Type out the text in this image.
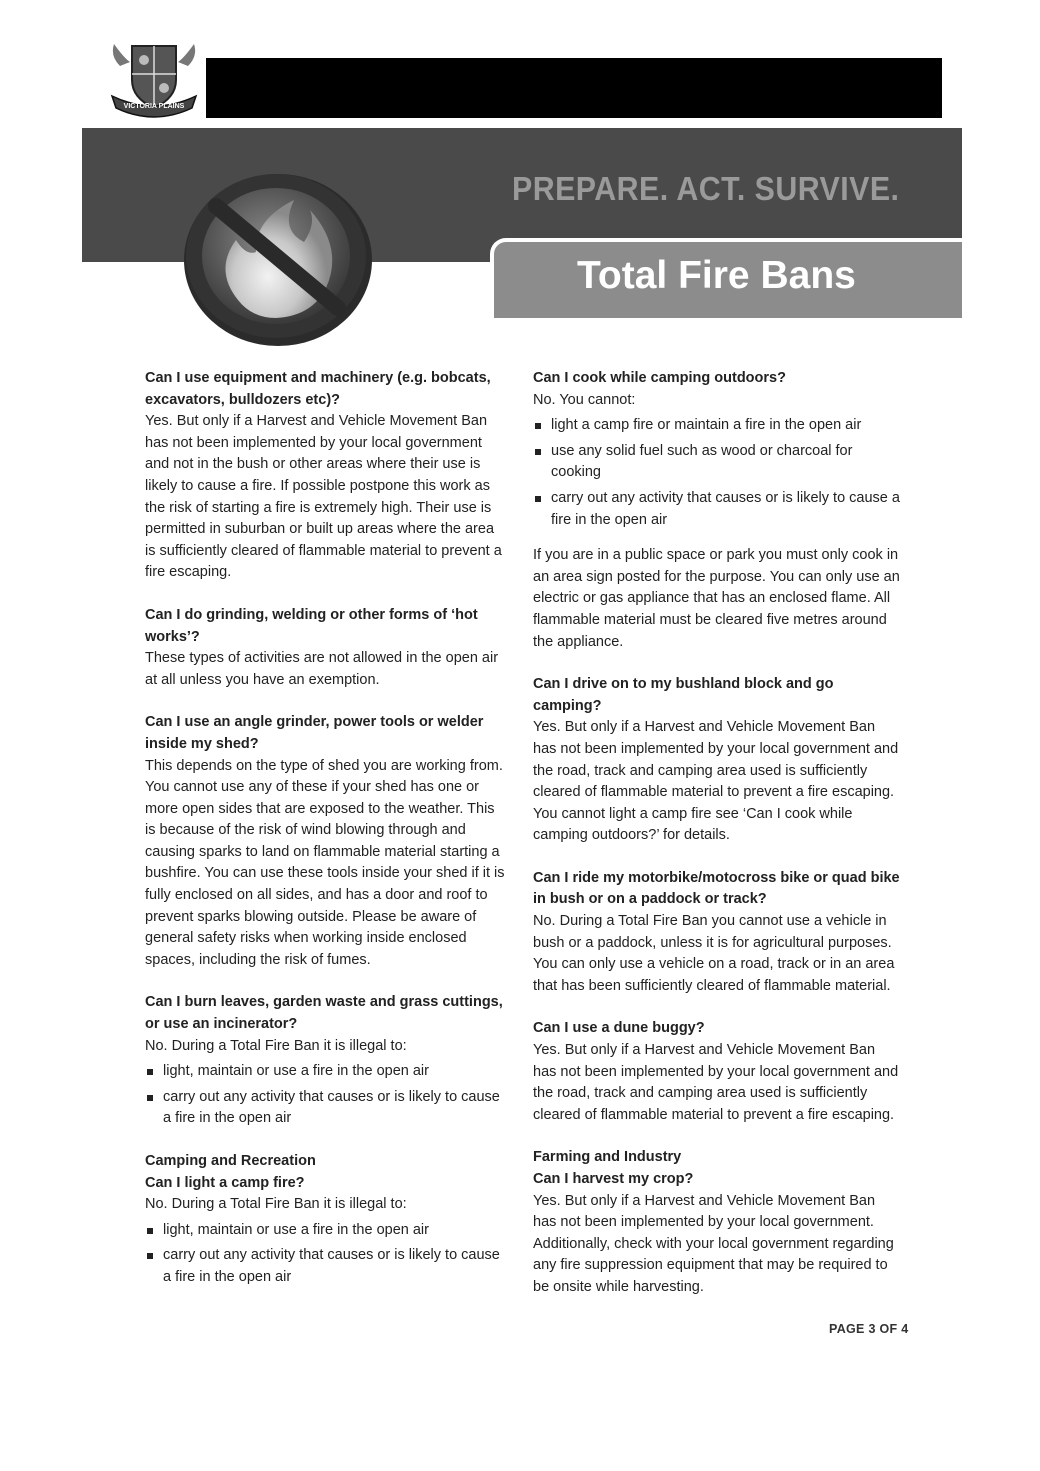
VICTORIA PLAINS
PREPARE. ACT. SURVIVE.
Total Fire Bans

Can I use equipment and machinery (e.g. bobcats, excavators, bulldozers etc)?

Yes. But only if a Harvest and Vehicle Movement Ban has not been implemented by your local government and not in the bush or other areas where their use is likely to cause a fire. If possible postpone this work as the risk of starting a fire is extremely high. Their use is permitted in suburban or built up areas where the area is sufficiently cleared of flammable material to prevent a fire escaping.

Can I do grinding, welding or other forms of ‘hot works’?

These types of activities are not allowed in the open air at all unless you have an exemption.

Can I use an angle grinder, power tools or welder inside my shed?

This depends on the type of shed you are working from. You cannot use any of these if your shed has one or more open sides that are exposed to the weather. This is because of the risk of wind blowing through and causing sparks to land on flammable material starting a bushfire. You can use these tools inside your shed if it is fully enclosed on all sides, and has a door and roof to prevent sparks blowing outside. Please be aware of general safety risks when working inside enclosed spaces, including the risk of fumes.

Can I burn leaves, garden waste and grass cuttings, or use an incinerator?

No. During a Total Fire Ban it is illegal to:

light, maintain or use a fire in the open air
carry out any activity that causes or is likely to cause a fire in the open air

Camping and Recreation

Can I light a camp fire?

No. During a Total Fire Ban it is illegal to:

light, maintain or use a fire in the open air
carry out any activity that causes or is likely to cause a fire in the open air

Can I cook while camping outdoors?

No. You cannot:

light a camp fire or maintain a fire in the open air
use any solid fuel such as wood or charcoal for cooking
carry out any activity that causes or is likely to cause a fire in the open air

If you are in a public space or park you must only cook in an area sign posted for the purpose. You can only use an electric or gas appliance that has an enclosed flame. All flammable material must be cleared five metres around the appliance.

Can I drive on to my bushland block and go camping?

Yes. But only if a Harvest and Vehicle Movement Ban has not been implemented by your local government and the road, track and camping area used is sufficiently cleared of flammable material to prevent a fire escaping. You cannot light a camp fire see ‘Can I cook while camping outdoors?’ for details.

Can I ride my motorbike/motocross bike or quad bike in bush or on a paddock or track?

No. During a Total Fire Ban you cannot use a vehicle in bush or a paddock, unless it is for agricultural purposes. You can only use a vehicle on a road, track or in an area that has been sufficiently cleared of flammable material.

Can I use a dune buggy?

Yes. But only if a Harvest and Vehicle Movement Ban has not been implemented by your local government and the road, track and camping area used is sufficiently cleared of flammable material to prevent a fire escaping.

Farming and Industry

Can I harvest my crop?

Yes. But only if a Harvest and Vehicle Movement Ban has not been implemented by your local government. Additionally, check with your local government regarding any fire suppression equipment that may be required to be onsite while harvesting.

PAGE 3 OF 4
